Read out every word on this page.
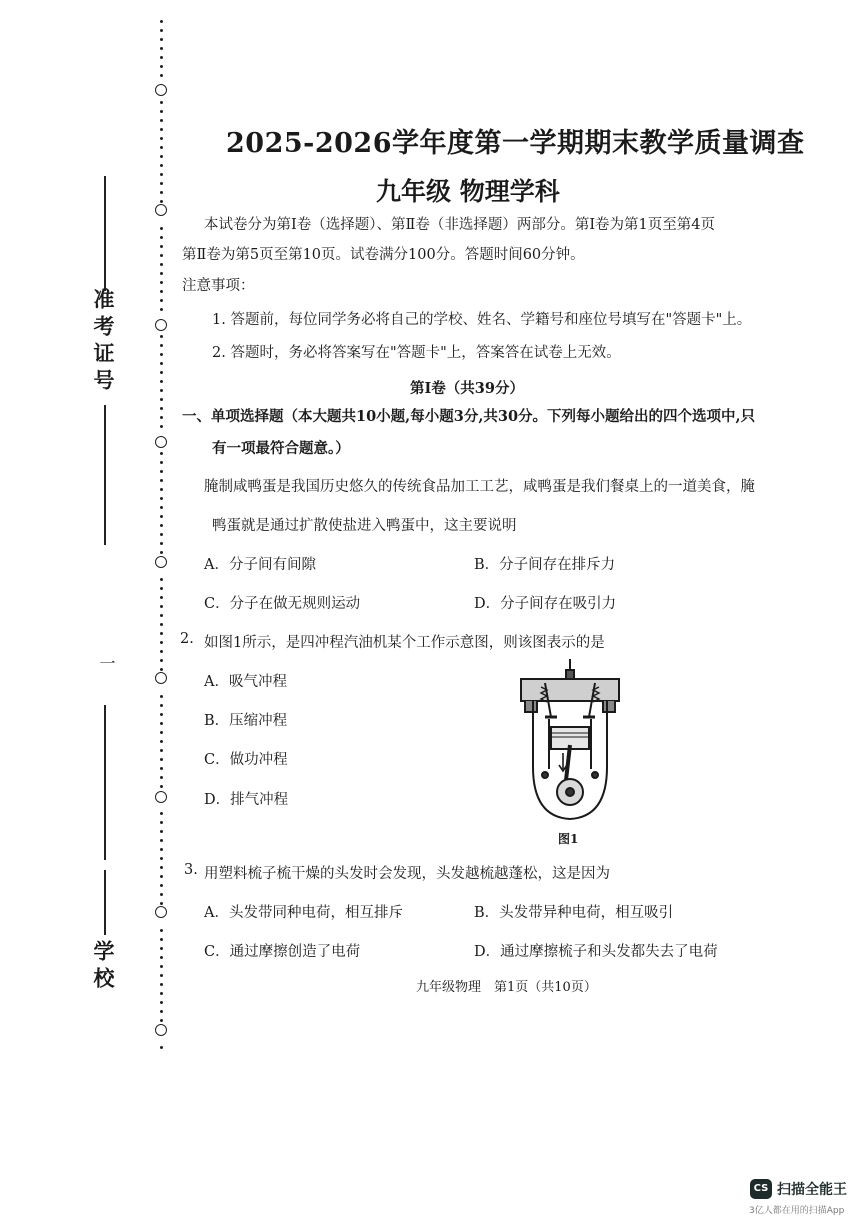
准考证号
一
学校
2025-2026学年度第一学期期末教学质量调查
九年级 物理学科
本试卷分为第Ⅰ卷（选择题）、第Ⅱ卷（非选择题）两部分。第Ⅰ卷为第1页至第4页
第Ⅱ卷为第5页至第10页。试卷满分100分。答题时间60分钟。
注意事项：
1. 答题前，每位同学务必将自己的学校、姓名、学籍号和座位号填写在"答题卡"上。
2. 答题时，务必将答案写在"答题卡"上，答案答在试卷上无效。
第Ⅰ卷（共39分）
一、单项选择题（本大题共10小题,每小题3分,共30分。下列每小题给出的四个选项中,只
有一项最符合题意。）
腌制咸鸭蛋是我国历史悠久的传统食品加工工艺，咸鸭蛋是我们餐桌上的一道美食，腌
鸭蛋就是通过扩散使盐进入鸭蛋中，这主要说明
A．分子间有间隙	B．分子间存在排斥力
C．分子在做无规则运动	D．分子间存在吸引力
2. 如图1所示，是四冲程汽油机某个工作示意图，则该图表示的是
A．吸气冲程
B．压缩冲程
C．做功冲程
D．排气冲程
图1
3. 用塑料梳子梳干燥的头发时会发现，头发越梳越蓬松，这是因为
A．头发带同种电荷，相互排斥	B．头发带异种电荷，相互吸引
C．通过摩擦创造了电荷	D．通过摩擦梳子和头发都失去了电荷
九年级物理　第1页（共10页）
CS 扫描全能王
3亿人都在用的扫描App
